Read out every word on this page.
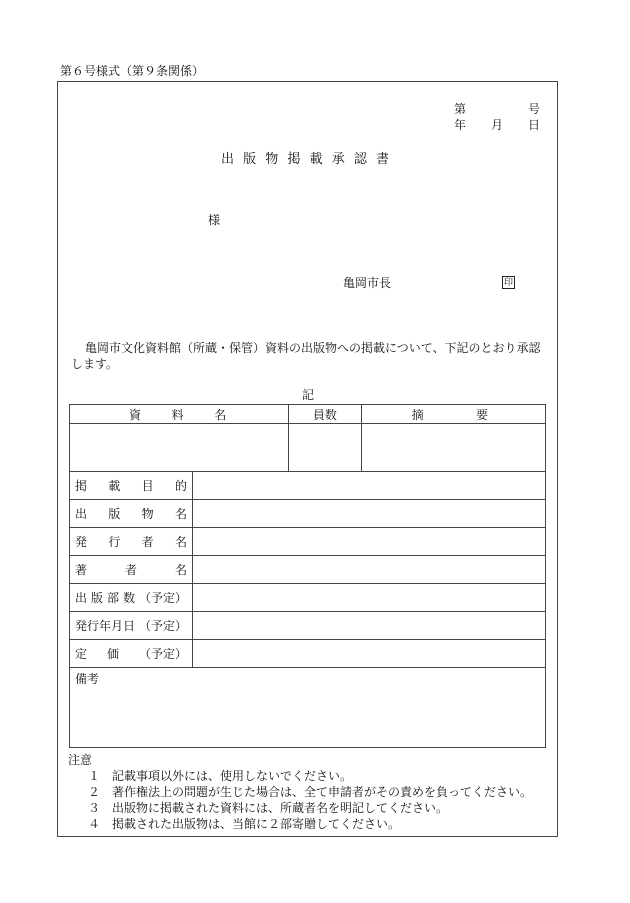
第６号様式（第９条関係）
第	号
年 月 日
出 版 物 掲 載 承 認 書
様
亀岡市長	印
亀岡市文化資料館（所蔵・保管）資料の出版物への掲載について、下記のとおり承認します。
記
資 料 名		員数	摘 要

掲 載 目 的			

出 版 物 名			

発 行 者 名			

著 者 名			

出 版 部 数 （予定）			

発行年月日 （予定）			

定 価 （予定）			

備考			
注意
１　記載事項以外には、使用しないでください。
２　著作権法上の問題が生じた場合は、全て申請者がその責めを負ってください。
３　出版物に掲載された資料には、所蔵者名を明記してください。
４　掲載された出版物は、当館に２部寄贈してください。
